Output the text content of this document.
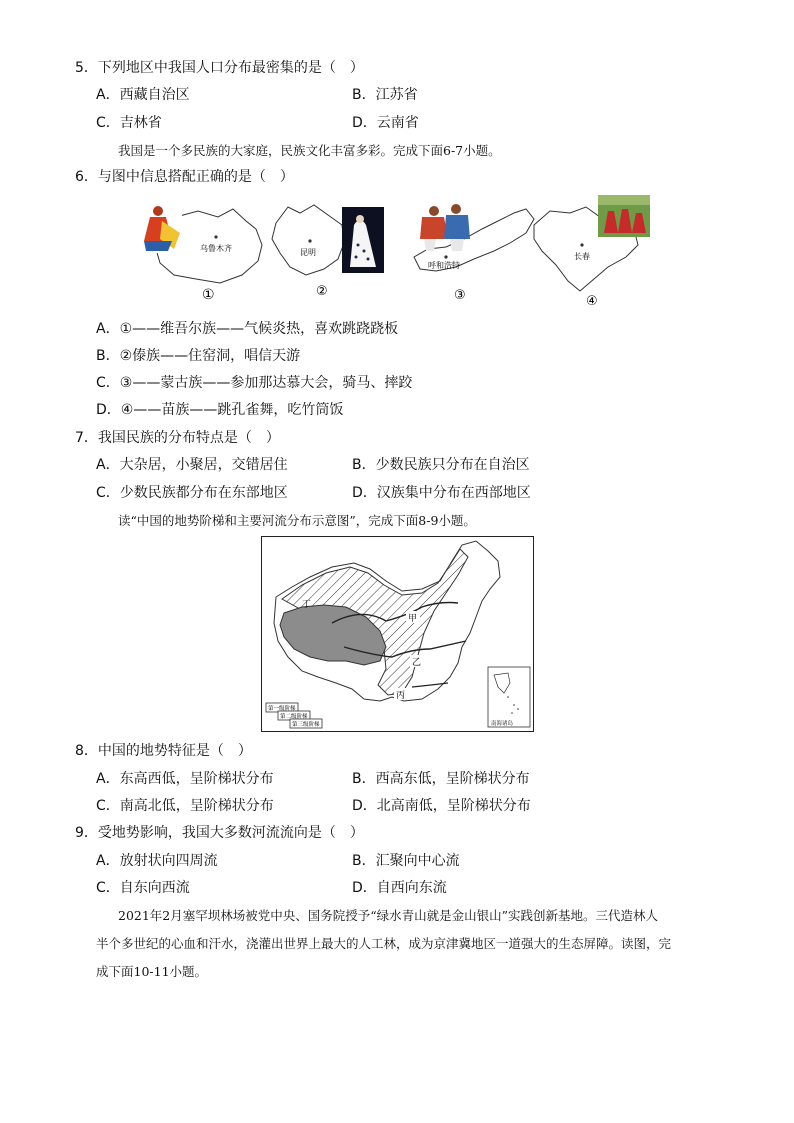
5．下列地区中我国人口分布最密集的是（　）
A．西藏自治区	B．江苏省
C．吉林省	D．云南省
我国是一个多民族的大家庭，民族文化丰富多彩。完成下面6-7小题。
6．与图中信息搭配正确的是（　）
乌鲁木齐
①
昆明
②
呼和浩特
③
长春
④
A．①——维吾尔族——气候炎热，喜欢跳跷跷板
B．②傣族——住窑洞，唱信天游
C．③——蒙古族——参加那达慕大会，骑马、摔跤
D．④——苗族——跳孔雀舞，吃竹筒饭
7．我国民族的分布特点是（　）
A．大杂居，小聚居，交错居住	B．少数民族只分布在自治区
C．少数民族都分布在东部地区	D．汉族集中分布在西部地区
读“中国的地势阶梯和主要河流分布示意图”，完成下面8-9小题。
丁
甲
乙
丙
第一级阶梯
第二级阶梯
第三级阶梯	南海诸岛
8．中国的地势特征是（　）
A．东高西低，呈阶梯状分布	B．西高东低，呈阶梯状分布
C．南高北低，呈阶梯状分布	D．北高南低，呈阶梯状分布
9．受地势影响，我国大多数河流流向是（　）
A．放射状向四周流	B．汇聚向中心流
C．自东向西流	D．自西向东流
2021年2月塞罕坝林场被党中央、国务院授予“绿水青山就是金山银山”实践创新基地。三代造林人
半个多世纪的心血和汗水，浇灌出世界上最大的人工林，成为京津冀地区一道强大的生态屏障。读图，完
成下面10-11小题。
